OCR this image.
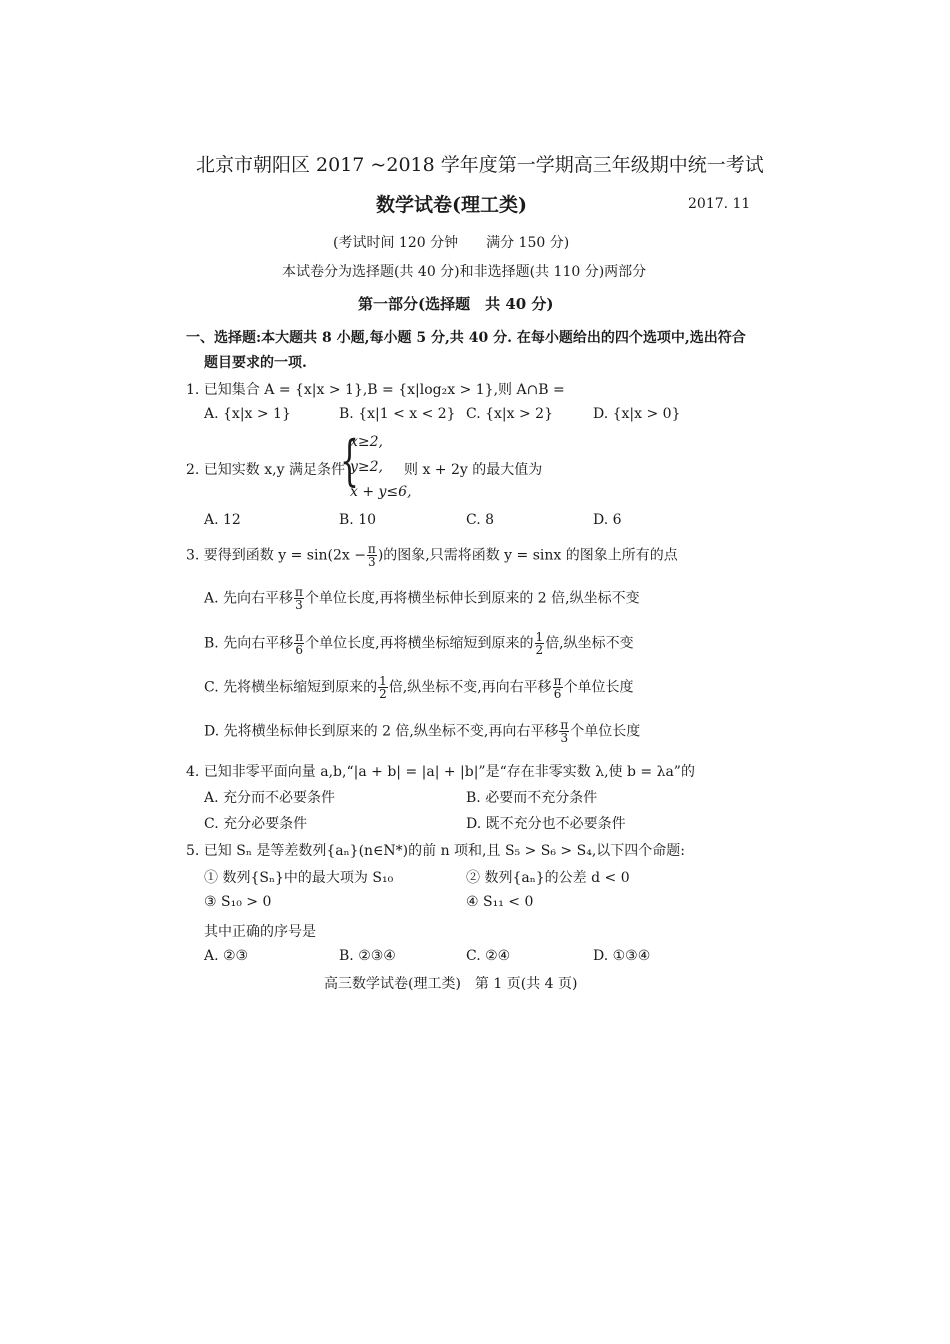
北京市朝阳区 2017 ~2018 学年度第一学期高三年级期中统一考试
数学试卷(理工类)	2017. 11
(考试时间 120 分钟　　满分 150 分)
本试卷分为选择题(共 40 分)和非选择题(共 110 分)两部分
第一部分(选择题　共 40 分)
一、选择题:本大题共 8 小题,每小题 5 分,共 40 分. 在每小题给出的四个选项中,选出符合
题目要求的一项.
1. 已知集合 A = {x|x > 1},B = {x|log₂x > 1},则 A∩B =
A. {x|x > 1}	B. {x|1 < x < 2} C. {x|x > 2}	D. {x|x > 0}
2. 已知实数 x,y 满足条件
{
x≥2,
y≥2,
x + y≤6,
则 x + 2y 的最大值为
A. 12	B. 10	C. 8	D. 6
3. 要得到函数 $y = \sin(2x - \frac{\pi}{3}$ )的图象,只需将函数 y = sinx 的图象上所有的点
A. 先向右平移 $\frac{\pi}{3}$ 个单位长度,再将横坐标伸长到原来的 2 倍,纵坐标不变
B. 先向右平移 $\frac{\pi}{6}$ 个单位长度,再将横坐标缩短到原来的 $\frac{1}{2}$ 倍,纵坐标不变
C. 先将横坐标缩短到原来的 $\frac{1}{2}$ 倍,纵坐标不变,再向右平移 $\frac{\pi}{6}$ 个单位长度
D. 先将横坐标伸长到原来的 2 倍,纵坐标不变,再向右平移 $\frac{\pi}{3}$ 个单位长度
4. 已知非零平面向量 a,b,“|a + b| = |a| + |b|”是“存在非零实数 λ,使 b = λa”的
A. 充分而不必要条件	B. 必要而不充分条件
C. 充分必要条件	D. 既不充分也不必要条件
5. 已知 Sₙ 是等差数列{aₙ}(n∈N*)的前 n 项和,且 S₅ > S₆ > S₄,以下四个命题:
① 数列{Sₙ}中的最大项为 S₁₀	② 数列{aₙ}的公差 d < 0
③ S₁₀ > 0	④ S₁₁ < 0
其中正确的序号是
A. ②③	B. ②③④	C. ②④	D. ①③④
高三数学试卷(理工类)　第 1 页(共 4 页)
